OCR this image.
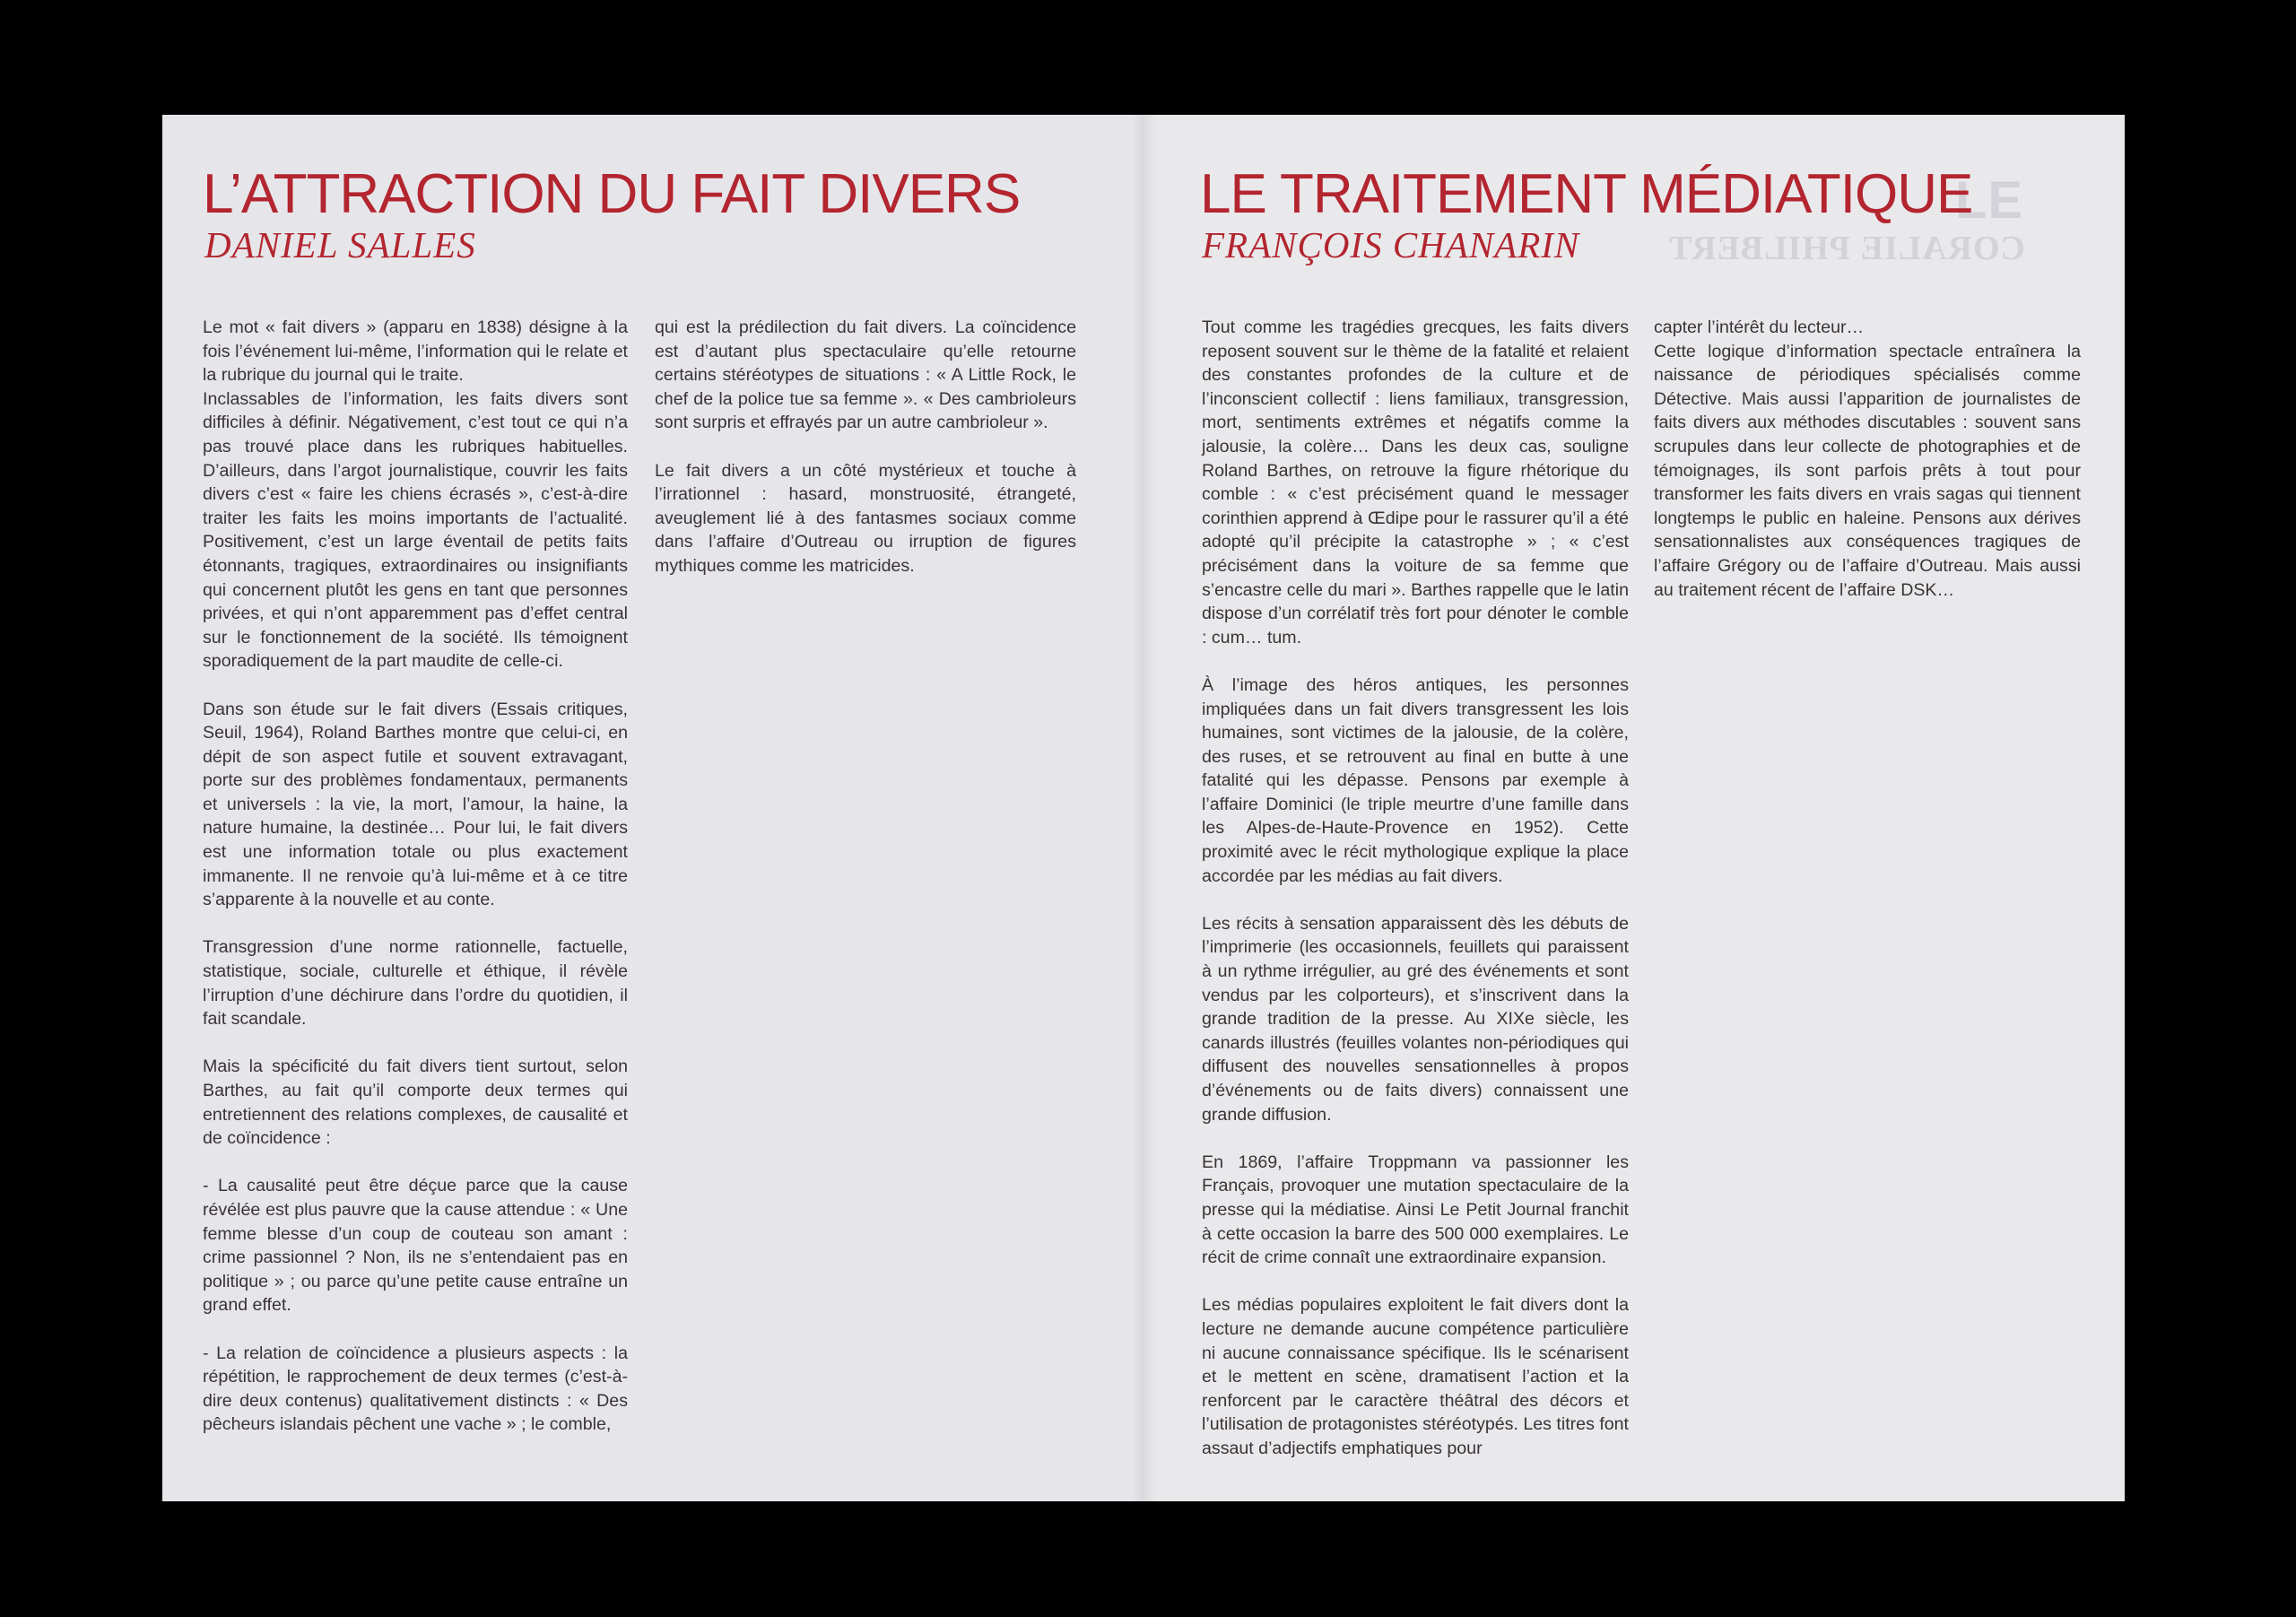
LE
CORALIE PHILBERT
L’ATTRACTION DU FAIT DIVERS
DANIEL SALLES

Le mot « fait divers » (apparu en 1838) désigne à la fois l’événement lui-même, l’information qui le relate et la rubrique du journal qui le traite.

Inclassables de l’information, les faits divers sont difficiles à définir. Négativement, c’est tout ce qui n’a pas trouvé place dans les rubriques habituelles. D’ailleurs, dans l’argot journalistique, couvrir les faits divers c’est « faire les chiens écrasés », c’est-à-dire traiter les faits les moins importants de l’actualité. Positivement, c’est un large éventail de petits faits étonnants, tragiques, extraordinaires ou insignifiants qui concernent plutôt les gens en tant que personnes privées, et qui n’ont apparemment pas d’effet central sur le fonctionnement de la société. Ils témoignent sporadiquement de la part maudite de celle-ci.

Dans son étude sur le fait divers (Essais critiques, Seuil, 1964), Roland Barthes montre que celui-ci, en dépit de son aspect futile et souvent extravagant, porte sur des problèmes fondamentaux, permanents et universels : la vie, la mort, l’amour, la haine, la nature humaine, la destinée… Pour lui, le fait divers est une information totale ou plus exactement immanente. Il ne renvoie qu’à lui-même et à ce titre s’apparente à la nouvelle et au conte.

Transgression d’une norme rationnelle, factuelle, statistique, sociale, culturelle et éthique, il révèle l’irruption d’une déchirure dans l’ordre du quotidien, il fait scandale.

Mais la spécificité du fait divers tient surtout, selon Barthes, au fait qu’il comporte deux termes qui entretiennent des relations complexes, de causalité et de coïncidence :

- La causalité peut être déçue parce que la cause révélée est plus pauvre que la cause attendue : « Une femme blesse d’un coup de couteau son amant : crime passionnel ? Non, ils ne s’entendaient pas en politique » ; ou parce qu’une petite cause entraîne un grand effet.

- La relation de coïncidence a plusieurs aspects : la répétition, le rapprochement de deux termes (c’est-à-dire deux contenus) qualitativement distincts : « Des pêcheurs islandais pêchent une vache » ; le comble,

qui est la prédilection du fait divers. La coïncidence est d’autant plus spectaculaire qu’elle retourne certains stéréotypes de situations : « A Little Rock, le chef de la police tue sa femme ». « Des cambrioleurs sont surpris et effrayés par un autre cambrioleur ».

Le fait divers a un côté mystérieux et touche à l’irrationnel : hasard, monstruosité, étrangeté, aveuglement lié à des fantasmes sociaux comme dans l’affaire d’Outreau ou irruption de figures mythiques comme les matricides.

LE TRAITEMENT MÉDIATIQUE
FRANÇOIS CHANARIN

Tout comme les tragédies grecques, les faits divers reposent souvent sur le thème de la fatalité et relaient des constantes profondes de la culture et de l’inconscient collectif : liens familiaux, transgression, mort, sentiments extrêmes et négatifs comme la jalousie, la colère… Dans les deux cas, souligne Roland Barthes, on retrouve la figure rhétorique du comble : « c’est précisément quand le messager corinthien apprend à Œdipe pour le rassurer qu’il a été adopté qu’il précipite la catastrophe » ; « c’est précisément dans la voiture de sa femme que s’encastre celle du mari ». Barthes rappelle que le latin dispose d’un corrélatif très fort pour dénoter le comble : cum… tum.

À l’image des héros antiques, les personnes impliquées dans un fait divers transgressent les lois humaines, sont victimes de la jalousie, de la colère, des ruses, et se retrouvent au final en butte à une fatalité qui les dépasse. Pensons par exemple à l’affaire Dominici (le triple meurtre d’une famille dans les Alpes-de-Haute-Provence en 1952). Cette proximité avec le récit mythologique explique la place accordée par les médias au fait divers.

Les récits à sensation apparaissent dès les débuts de l’imprimerie (les occasionnels, feuillets qui paraissent à un rythme irrégulier, au gré des événements et sont vendus par les colporteurs), et s’inscrivent dans la grande tradition de la presse. Au XIXe siècle, les canards illustrés (feuilles volantes non-périodiques qui diffusent des nouvelles sensationnelles à propos d’événements ou de faits divers) connaissent une grande diffusion.

En 1869, l’affaire Troppmann va passionner les Français, provoquer une mutation spectaculaire de la presse qui la médiatise. Ainsi Le Petit Journal franchit à cette occasion la barre des 500 000 exemplaires. Le récit de crime connaît une extraordinaire expansion.

Les médias populaires exploitent le fait divers dont la lecture ne demande aucune compétence particulière ni aucune connaissance spécifique. Ils le scénarisent et le mettent en scène, dramatisent l’action et la renforcent par le caractère théâtral des décors et l’utilisation de protagonistes stéréotypés. Les titres font assaut d’adjectifs emphatiques pour

capter l’intérêt du lecteur…

Cette logique d’information spectacle entraînera la naissance de périodiques spécialisés comme Détective. Mais aussi l’apparition de journalistes de faits divers aux méthodes discutables : souvent sans scrupules dans leur collecte de photographies et de témoignages, ils sont parfois prêts à tout pour transformer les faits divers en vrais sagas qui tiennent longtemps le public en haleine. Pensons aux dérives sensationnalistes aux conséquences tragiques de l’affaire Grégory ou de l’affaire d’Outreau. Mais aussi au traitement récent de l’affaire DSK…
